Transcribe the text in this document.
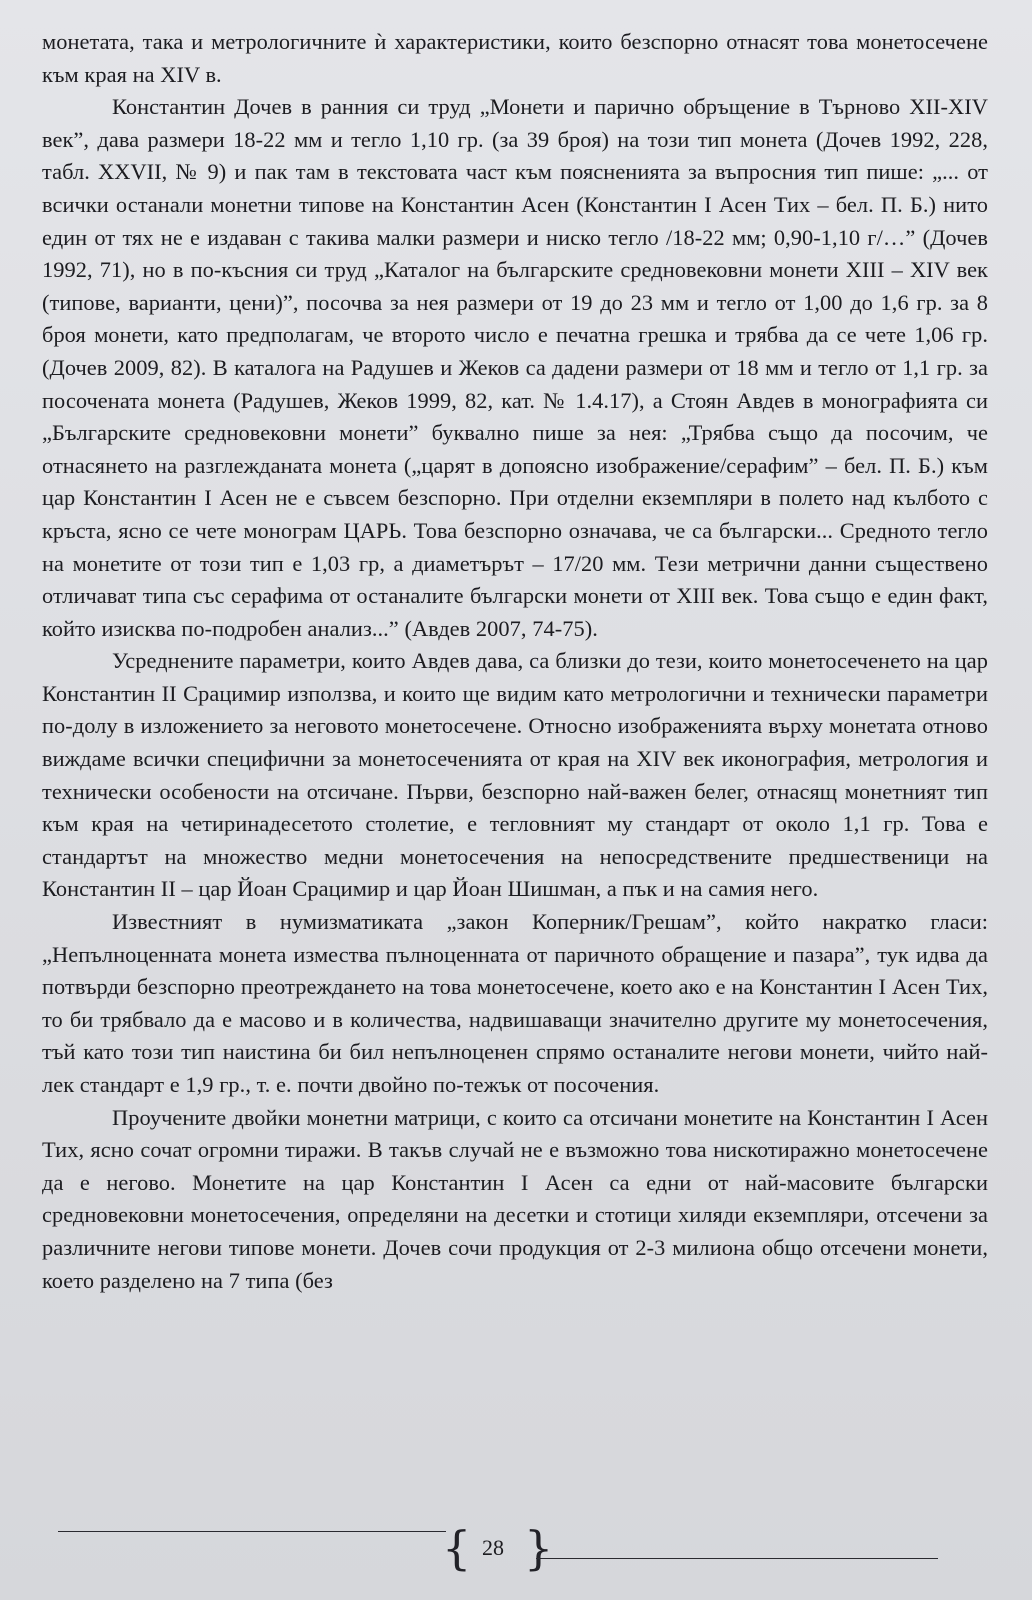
монетата, така и метрологичните ѝ характеристики, които безспорно отнасят това монетосечене към края на XIV в.

Константин Дочев в ранния си труд „Монети и парично обръщение в Търново XII-XIV век”, дава размери 18-22 мм и тегло 1,10 гр. (за 39 броя) на този тип монета (Дочев 1992, 228, табл. XXVII, № 9) и пак там в текстовата част към поясненията за въпросния тип пише: „... от всички останали монетни типове на Константин Асен (Константин I Асен Тих – бел. П. Б.) нито един от тях не е издаван с такива малки размери и ниско тегло /18-22 мм; 0,90-1,10 г/…” (Дочев 1992, 71), но в по-късния си труд „Каталог на българските средновековни монети XIII – XIV век (типове, варианти, цени)”, посочва за нея размери от 19 до 23 мм и тегло от 1,00 до 1,6 гр. за 8 броя монети, като предполагам, че второто число е печатна грешка и трябва да се чете 1,06 гр. (Дочев 2009, 82). В каталога на Радушев и Жеков са дадени размери от 18 мм и тегло от 1,1 гр. за посочената монета (Радушев, Жеков 1999, 82, кат. № 1.4.17), а Стоян Авдев в монографията си „Българските средновековни монети” буквално пише за нея: „Трябва също да посочим, че отнасянето на разглежданата монета („царят в допоясно изображение/серафим” – бел. П. Б.) към цар Константин I Асен не е съвсем безспорно. При отделни екземпляри в полето над кълбото с кръста, ясно се чете монограм ЦАРЬ. Това безспорно означава, че са български... Средното тегло на монетите от този тип е 1,03 гр, а диаметърът – 17/20 мм. Тези метрични данни съществено отличават типа със серафима от останалите български монети от XIII век. Това също е един факт, който изисква по-подробен анализ...” (Авдев 2007, 74-75).

Усреднените параметри, които Авдев дава, са близки до тези, които монетосеченето на цар Константин II Срацимир използва, и които ще видим като метрологични и технически параметри по-долу в изложението за неговото монетосечене. Относно изображенията върху монетата отново виждаме всички специфични за монетосеченията от края на XIV век иконография, метрология и технически особености на отсичане. Първи, безспорно най-важен белег, отнасящ монетният тип към края на четиринадесетото столетие, е тегловният му стандарт от около 1,1 гр. Това е стандартът на множество медни монетосечения на непосредствените предшественици на Константин II – цар Йоан Срацимир и цар Йоан Шишман, а пък и на самия него.

Известният в нумизматиката „закон Коперник/Грешам”, който накратко гласи: „Непълноценната монета измества пълноценната от паричното обращение и пазара”, тук идва да потвърди безспорно преотреждането на това монетосечене, което ако е на Константин I Асен Тих, то би трябвало да е масово и в количества, надвишаващи значително другите му монетосечения, тъй като този тип наистина би бил непълноценен спрямо останалите негови монети, чийто най-лек стандарт е 1,9 гр., т. е. почти двойно по-тежък от посочения.

Проучените двойки монетни матрици, с които са отсичани монетите на Константин I Асен Тих, ясно сочат огромни тиражи. В такъв случай не е възможно това нискотиражно монетосечене да е негово. Монетите на цар Константин I Асен са едни от най-масовите български средновековни монетосечения, определяни на десетки и стотици хиляди екземпляри, отсечени за различните негови типове монети. Дочев сочи продукция от 2-3 милиона общо отсечени монети, което разделено на 7 типа (без

{ 28 }
